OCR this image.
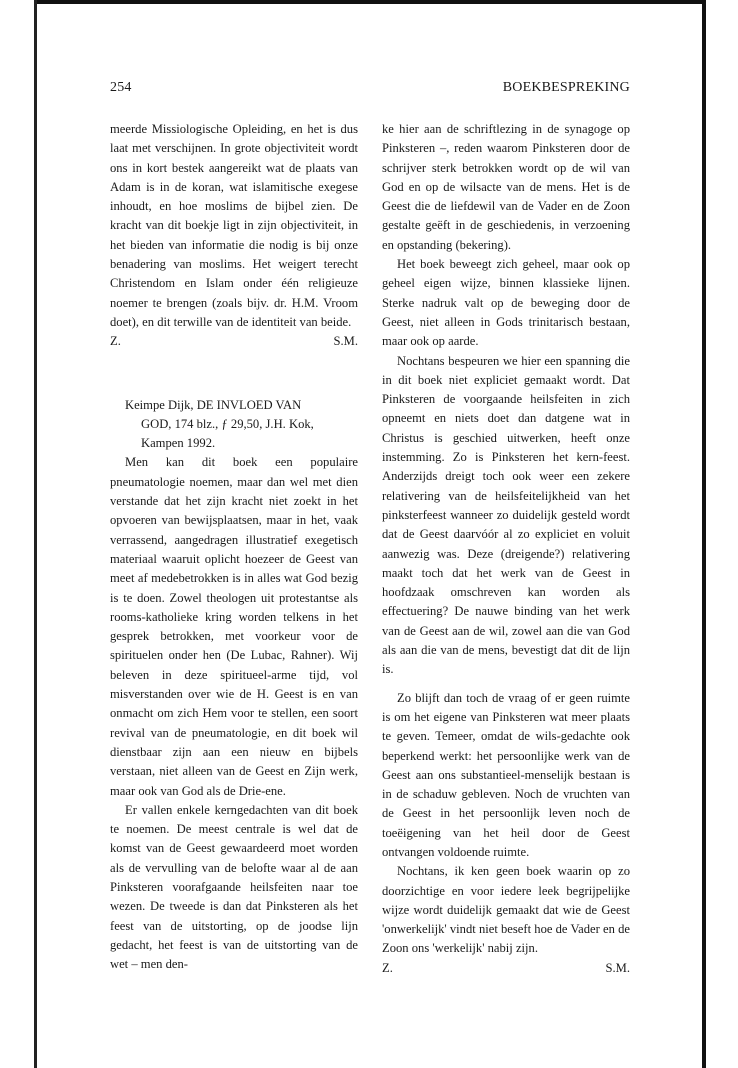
254	BOEKBESPREKING

meerde Missiologische Opleiding, en het is dus laat met verschijnen. In grote objectiviteit wordt ons in kort bestek aangereikt wat de plaats van Adam is in de koran, wat islamitische exegese inhoudt, en hoe moslims de bijbel zien. De kracht van dit boekje ligt in zijn objectiviteit, in het bieden van informatie die nodig is bij onze benadering van moslims. Het weigert terecht Christendom en Islam onder één religieuze noemer te brengen (zoals bijv. dr. H.M. Vroom doet), en dit terwille van de identiteit van beide.

Z.	S.M.

Keimpe Dijk, DE INVLOED VAN

GOD, 174 blz., ƒ 29,50, J.H. Kok,
Kampen 1992.

Men kan dit boek een populaire pneumatologie noemen, maar dan wel met dien verstande dat het zijn kracht niet zoekt in het opvoeren van bewijsplaatsen, maar in het, vaak verrassend, aangedragen illustratief exegetisch materiaal waaruit oplicht hoezeer de Geest van meet af medebetrokken is in alles wat God bezig is te doen. Zowel theologen uit protestantse als rooms-katholieke kring worden telkens in het gesprek betrokken, met voorkeur voor de spirituelen onder hen (De Lubac, Rahner). Wij beleven in deze spiritueel-arme tijd, vol misverstanden over wie de H. Geest is en van onmacht om zich Hem voor te stellen, een soort revival van de pneumatologie, en dit boek wil dienstbaar zijn aan een nieuw en bijbels verstaan, niet alleen van de Geest en Zijn werk, maar ook van God als de Drie-ene.

Er vallen enkele kerngedachten van dit boek te noemen. De meest centrale is wel dat de komst van de Geest gewaardeerd moet worden als de vervulling van de belofte waar al de aan Pinksteren voorafgaande heilsfeiten naar toe wezen. De tweede is dan dat Pinksteren als het feest van de uitstorting, op de joodse lijn gedacht, het feest is van de uitstorting van de wet – men den-

ke hier aan de schriftlezing in de synagoge op Pinksteren –, reden waarom Pinksteren door de schrijver sterk betrokken wordt op de wil van God en op de wilsacte van de mens. Het is de Geest die de liefdewil van de Vader en de Zoon gestalte geëft in de geschiedenis, in verzoening en opstanding (bekering).

Het boek beweegt zich geheel, maar ook op geheel eigen wijze, binnen klassieke lijnen. Sterke nadruk valt op de beweging door de Geest, niet alleen in Gods trinitarisch bestaan, maar ook op aarde.

Nochtans bespeuren we hier een spanning die in dit boek niet expliciet gemaakt wordt. Dat Pinksteren de voorgaande heilsfeiten in zich opneemt en niets doet dan datgene wat in Christus is geschied uitwerken, heeft onze instemming. Zo is Pinksteren het kern-feest. Anderzijds dreigt toch ook weer een zekere relativering van de heilsfeitelijkheid van het pinksterfeest wanneer zo duidelijk gesteld wordt dat de Geest daarvóór al zo expliciet en voluit aanwezig was. Deze (dreigende?) relativering maakt toch dat het werk van de Geest in hoofdzaak omschreven kan worden als effectuering? De nauwe binding van het werk van de Geest aan de wil, zowel aan die van God als aan die van de mens, bevestigt dat dit de lijn is.

Zo blijft dan toch de vraag of er geen ruimte is om het eigene van Pinksteren wat meer plaats te geven. Temeer, omdat de wils-gedachte ook beperkend werkt: het persoonlijke werk van de Geest aan ons substantieel-menselijk bestaan is in de schaduw gebleven. Noch de vruchten van de Geest in het persoonlijk leven noch de toeëigening van het heil door de Geest ontvangen voldoende ruimte.

Nochtans, ik ken geen boek waarin op zo doorzichtige en voor iedere leek begrijpelijke wijze wordt duidelijk gemaakt dat wie de Geest 'onwerkelijk' vindt niet beseft hoe de Vader en de Zoon ons 'werkelijk' nabij zijn.

Z.	S.M.
